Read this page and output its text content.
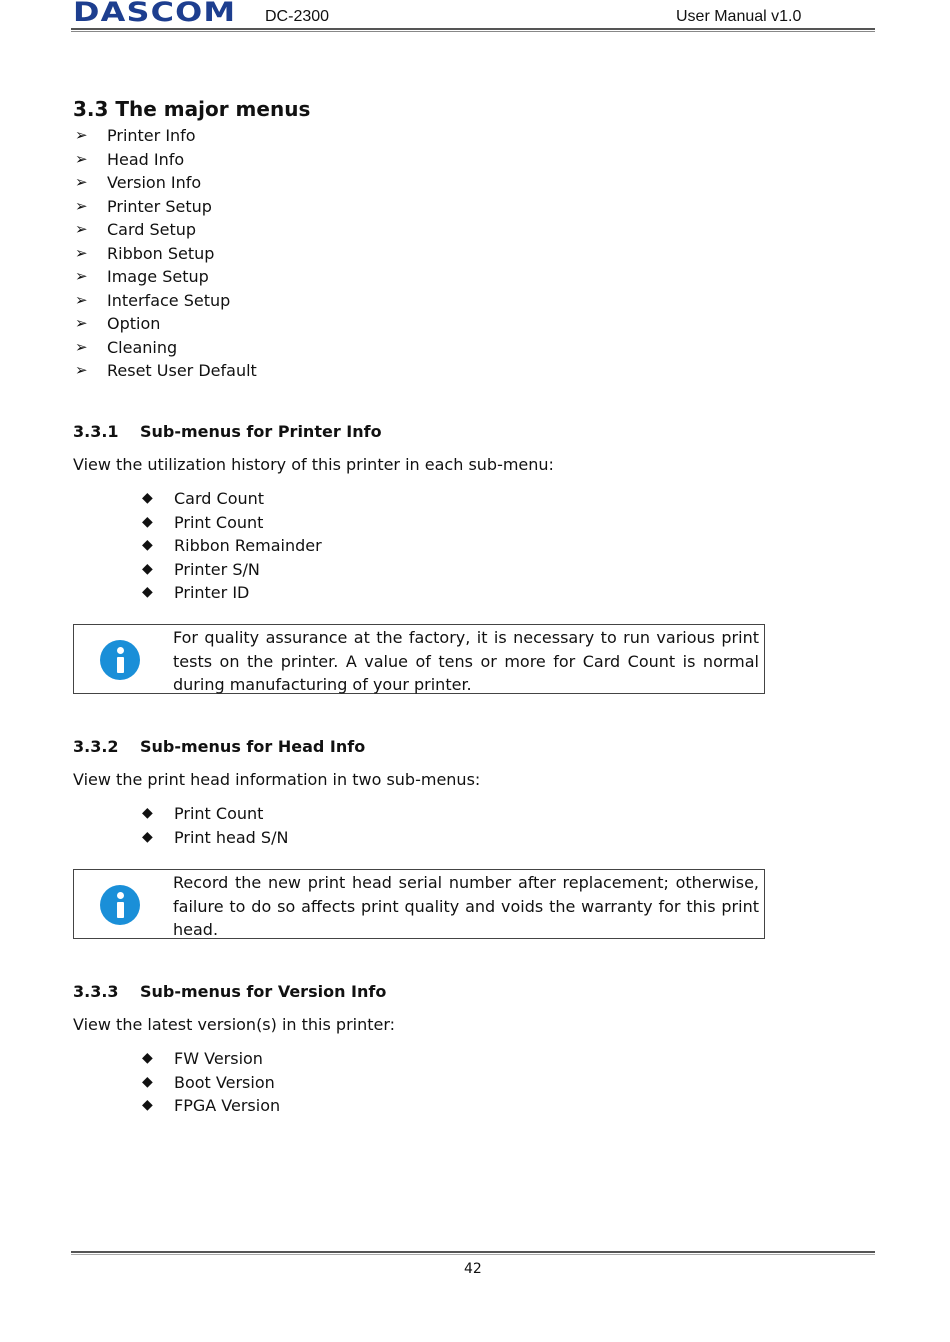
DASCOM DC-2300	User Manual v1.0
3.3 The major menus
➢ Printer Info
➢ Head Info
➢ Version Info
➢ Printer Setup
➢ Card Setup
➢ Ribbon Setup
➢ Image Setup
➢ Interface Setup
➢ Option
➢ Cleaning
➢ Reset User Default
3.3.1 Sub-menus for Printer Info
View the utilization history of this printer in each sub-menu:
◆ Card Count
◆ Print Count
◆ Ribbon Remainder
◆ Printer S/N
◆ Printer ID
For quality assurance at the factory, it is necessary to run various print tests on the printer. A value of tens or more for Card Count is normal during manufacturing of your printer.
3.3.2 Sub-menus for Head Info
View the print head information in two sub-menus:
◆ Print Count
◆ Print head S/N
Record the new print head serial number after replacement; otherwise, failure to do so affects print quality and voids the warranty for this print head.
3.3.3 Sub-menus for Version Info
View the latest version(s) in this printer:
◆ FW Version
◆ Boot Version
◆ FPGA Version
42
